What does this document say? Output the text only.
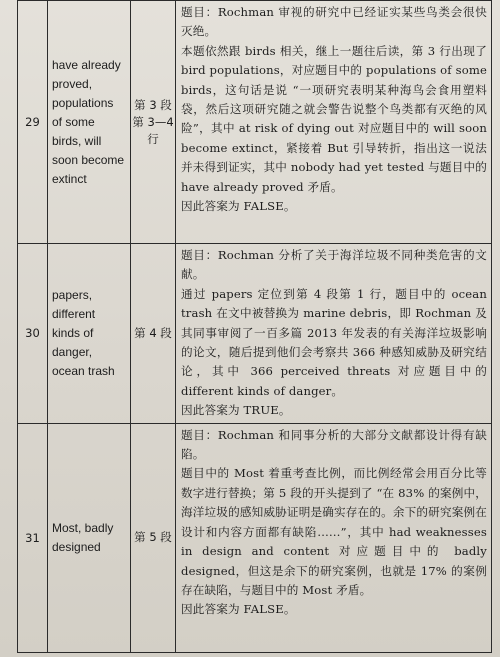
29	have already proved, populations of some birds, will soon become extinct	第 3 段第 3—4 行	题目：Rochman 审视的研究中已经证实某些鸟类会很快灭绝。

本题依然跟 birds 相关，继上一题往后读，第 3 行出现了 bird populations，对应题目中的 populations of some birds，这句话是说 “一项研究表明某种海鸟会食用塑料袋，然后这项研究随之就会警告说整个鸟类都有灭绝的风险”，其中 at risk of dying out 对应题目中的 will soon become extinct，紧接着 But 引导转折，指出这一说法并未得到证实，其中 nobody had yet tested 与题目中的 have already proved 矛盾。

因此答案为 FALSE。

30	papers, different kinds of danger, ocean trash	第 4 段	题目：Rochman 分析了关于海洋垃圾不同种类危害的文献。

通过 papers 定位到第 4 段第 1 行，题目中的 ocean trash 在文中被替换为 marine debris，即 Rochman 及其同事审阅了一百多篇 2013 年发表的有关海洋垃圾影响的论文，随后提到他们会考察共 366 种感知威胁及研究结论，其中 366 perceived threats 对应题目中的 different kinds of danger。

因此答案为 TRUE。

31	Most, badly designed	第 5 段	题目：Rochman 和同事分析的大部分文献都设计得有缺陷。

题目中的 Most 着重考查比例，而比例经常会用百分比等数字进行替换；第 5 段的开头提到了 “在 83% 的案例中，海洋垃圾的感知威胁证明是确实存在的。余下的研究案例在设计和内容方面都有缺陷……”，其中 had weaknesses in design and content 对应题目中的 badly designed，但这是余下的研究案例，也就是 17% 的案例存在缺陷，与题目中的 Most 矛盾。

因此答案为 FALSE。
